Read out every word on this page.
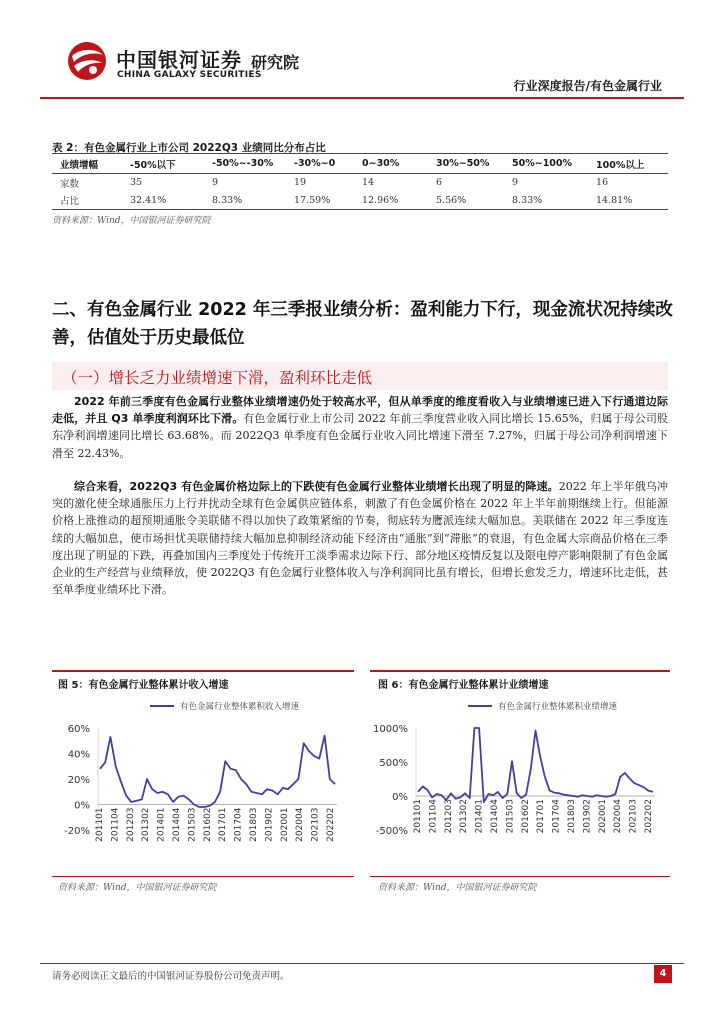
中国银河证券
CHINA GALAXY SECURITIES
研究院
行业深度报告/有色金属行业
表 2：有色金属行业上市公司 2022Q3 业绩同比分布占比
业绩增幅	-50%以下	-50%~-30%	-30%~0	0~30%	30%~50%	50%~100%	100%以上
家数	35	9	19	14	6	9	16
占比	32.41%	8.33%	17.59%	12.96%	5.56%	8.33%	14.81%
资料来源：Wind，中国银河证券研究院
二、有色金属行业 2022 年三季报业绩分析：盈利能力下行，现金流状况持续改善，估值处于历史最低位
（一）增长乏力业绩增速下滑，盈利环比走低
2022 年前三季度有色金属行业整体业绩增速仍处于较高水平，但从单季度的维度看收入与业绩增速已进入下行通道边际走低，并且 Q3 单季度利润环比下滑。有色金属行业上市公司 2022 年前三季度营业收入同比增长 15.65%，归属于母公司股东净利润增速同比增长 63.68%。而 2022Q3 单季度有色金属行业收入同比增速下滑至 7.27%，归属于母公司净利润增速下滑至 22.43%。
综合来看，2022Q3 有色金属价格边际上的下跌使有色金属行业整体业绩增长出现了明显的降速。2022 年上半年俄乌冲突的激化使全球通胀压力上行并扰动全球有色金属供应链体系，刺激了有色金属价格在 2022 年上半年前期继续上行。但能源价格上涨推动的超预期通胀令美联储不得以加快了政策紧缩的节奏，彻底转为鹰派连续大幅加息。美联储在 2022 年三季度连续的大幅加息，使市场担忧美联储持续大幅加息抑制经济动能下经济由“通胀”到“滞胀”的衰退，有色金属大宗商品价格在三季度出现了明显的下跌，再叠加国内三季度处于传统开工淡季需求边际下行、部分地区疫情反复以及限电停产影响限制了有色金属企业的生产经营与业绩释放，使 2022Q3 有色金属行业整体收入与净利润同比虽有增长，但增长愈发乏力，增速环比走低，甚至单季度业绩环比下滑。
图 5：有色金属行业整体累计收入增速	图 6：有色金属行业整体累计业绩增速
有色金属行业整体累积收入增速
-20%
0%
20%
40%
60%
201101 201104 201203 201302 201401 201404 201503 201602 201701 201704 201803 201902 202001 202004 202103 202202
有色金属行业整体累积业绩增速
-500%
0%
500%
1000%
201101 201104 201203 201302 201401 201404 201503 201602 201701 201704 201803 201902 202001 202004 202103 202202
资料来源：Wind，中国银河证券研究院	资料来源：Wind，中国银河证券研究院
请务必阅读正文最后的中国银河证券股份公司免责声明。	4
